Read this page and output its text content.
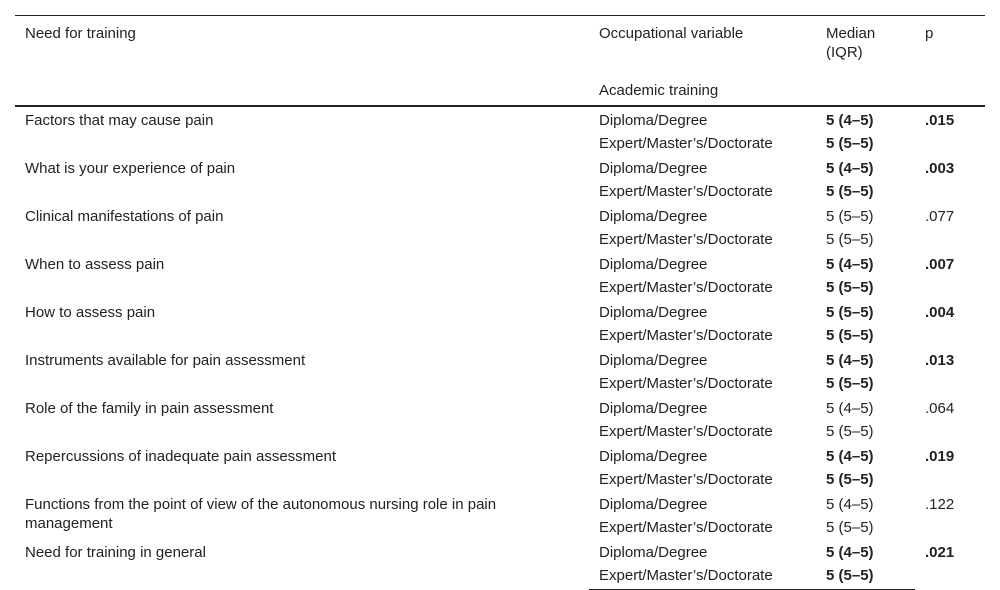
Need for training	Occupational variable	Median (IQR)	p
	Academic training		
Factors that may cause pain	Diploma/Degree	5 (4–5)	.015
	Expert/Master’s/Doctorate	5 (5–5)	
What is your experience of pain	Diploma/Degree	5 (4–5)	.003
	Expert/Master’s/Doctorate	5 (5–5)	
Clinical manifestations of pain	Diploma/Degree	5 (5–5)	.077
	Expert/Master’s/Doctorate	5 (5–5)	
When to assess pain	Diploma/Degree	5 (4–5)	.007
	Expert/Master’s/Doctorate	5 (5–5)	
How to assess pain	Diploma/Degree	5 (5–5)	.004
	Expert/Master’s/Doctorate	5 (5–5)	
Instruments available for pain assessment	Diploma/Degree	5 (4–5)	.013
	Expert/Master’s/Doctorate	5 (5–5)	
Role of the family in pain assessment	Diploma/Degree	5 (4–5)	.064
	Expert/Master’s/Doctorate	5 (5–5)	
Repercussions of inadequate pain assessment	Diploma/Degree	5 (4–5)	.019
	Expert/Master’s/Doctorate	5 (5–5)	
Functions from the point of view of the autonomous nursing role in pain management	Diploma/Degree	5 (4–5)	.122
	Expert/Master’s/Doctorate	5 (5–5)	
Need for training in general	Diploma/Degree	5 (4–5)	.021
	Expert/Master’s/Doctorate	5 (5–5)	
